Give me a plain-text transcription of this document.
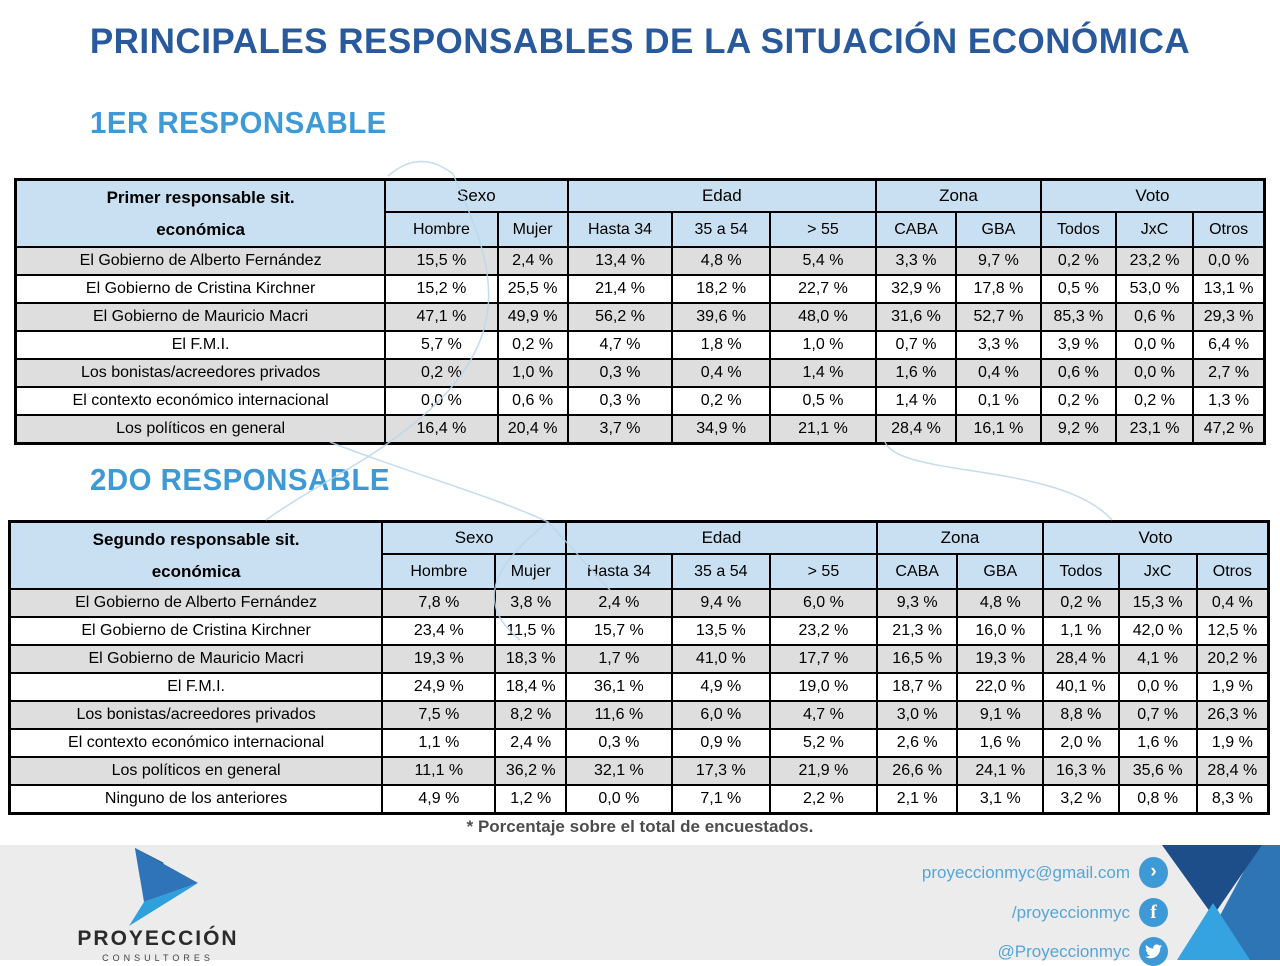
PRINCIPALES RESPONSABLES DE LA SITUACIÓN ECONÓMICA
1ER RESPONSABLE
Primer responsable sit.
económica	Sexo		Edad			Zona		Voto		
	Hombre	Mujer	Hasta 34	35 a 54	> 55	CABA	GBA	Todos	JxC	Otros
El Gobierno de Alberto Fernández	15,5 %	2,4 %	13,4 %	4,8 %	5,4 %	3,3 %	9,7 %	0,2 %	23,2 %	0,0 %
El Gobierno de Cristina Kirchner	15,2 %	25,5 %	21,4 %	18,2 %	22,7 %	32,9 %	17,8 %	0,5 %	53,0 %	13,1 %
El Gobierno de Mauricio Macri	47,1 %	49,9 %	56,2 %	39,6 %	48,0 %	31,6 %	52,7 %	85,3 %	0,6 %	29,3 %
El F.M.I.	5,7 %	0,2 %	4,7 %	1,8 %	1,0 %	0,7 %	3,3 %	3,9 %	0,0 %	6,4 %
Los bonistas/acreedores privados	0,2 %	1,0 %	0,3 %	0,4 %	1,4 %	1,6 %	0,4 %	0,6 %	0,0 %	2,7 %
El contexto económico internacional	0,0 %	0,6 %	0,3 %	0,2 %	0,5 %	1,4 %	0,1 %	0,2 %	0,2 %	1,3 %
Los políticos en general	16,4 %	20,4 %	3,7 %	34,9 %	21,1 %	28,4 %	16,1 %	9,2 %	23,1 %	47,2 %
2DO RESPONSABLE
Segundo responsable sit.
económica	Sexo		Edad			Zona		Voto		
	Hombre	Mujer	Hasta 34	35 a 54	> 55	CABA	GBA	Todos	JxC	Otros
El Gobierno de Alberto Fernández	7,8 %	3,8 %	2,4 %	9,4 %	6,0 %	9,3 %	4,8 %	0,2 %	15,3 %	0,4 %
El Gobierno de Cristina Kirchner	23,4 %	11,5 %	15,7 %	13,5 %	23,2 %	21,3 %	16,0 %	1,1 %	42,0 %	12,5 %
El Gobierno de Mauricio Macri	19,3 %	18,3 %	1,7 %	41,0 %	17,7 %	16,5 %	19,3 %	28,4 %	4,1 %	20,2 %
El F.M.I.	24,9 %	18,4 %	36,1 %	4,9 %	19,0 %	18,7 %	22,0 %	40,1 %	0,0 %	1,9 %
Los bonistas/acreedores privados	7,5 %	8,2 %	11,6 %	6,0 %	4,7 %	3,0 %	9,1 %	8,8 %	0,7 %	26,3 %
El contexto económico internacional	1,1 %	2,4 %	0,3 %	0,9 %	5,2 %	2,6 %	1,6 %	2,0 %	1,6 %	1,9 %
Los políticos en general	11,1 %	36,2 %	32,1 %	17,3 %	21,9 %	26,6 %	24,1 %	16,3 %	35,6 %	28,4 %
Ninguno de los anteriores	4,9 %	1,2 %	0,0 %	7,1 %	2,2 %	2,1 %	3,1 %	3,2 %	0,8 %	8,3 %
* Porcentaje sobre el total de encuestados.
PROYECCIÓN
CONSULTORES
proyeccionmyc@gmail.com	›
/proyeccionmyc	f
@Proyeccionmyc
